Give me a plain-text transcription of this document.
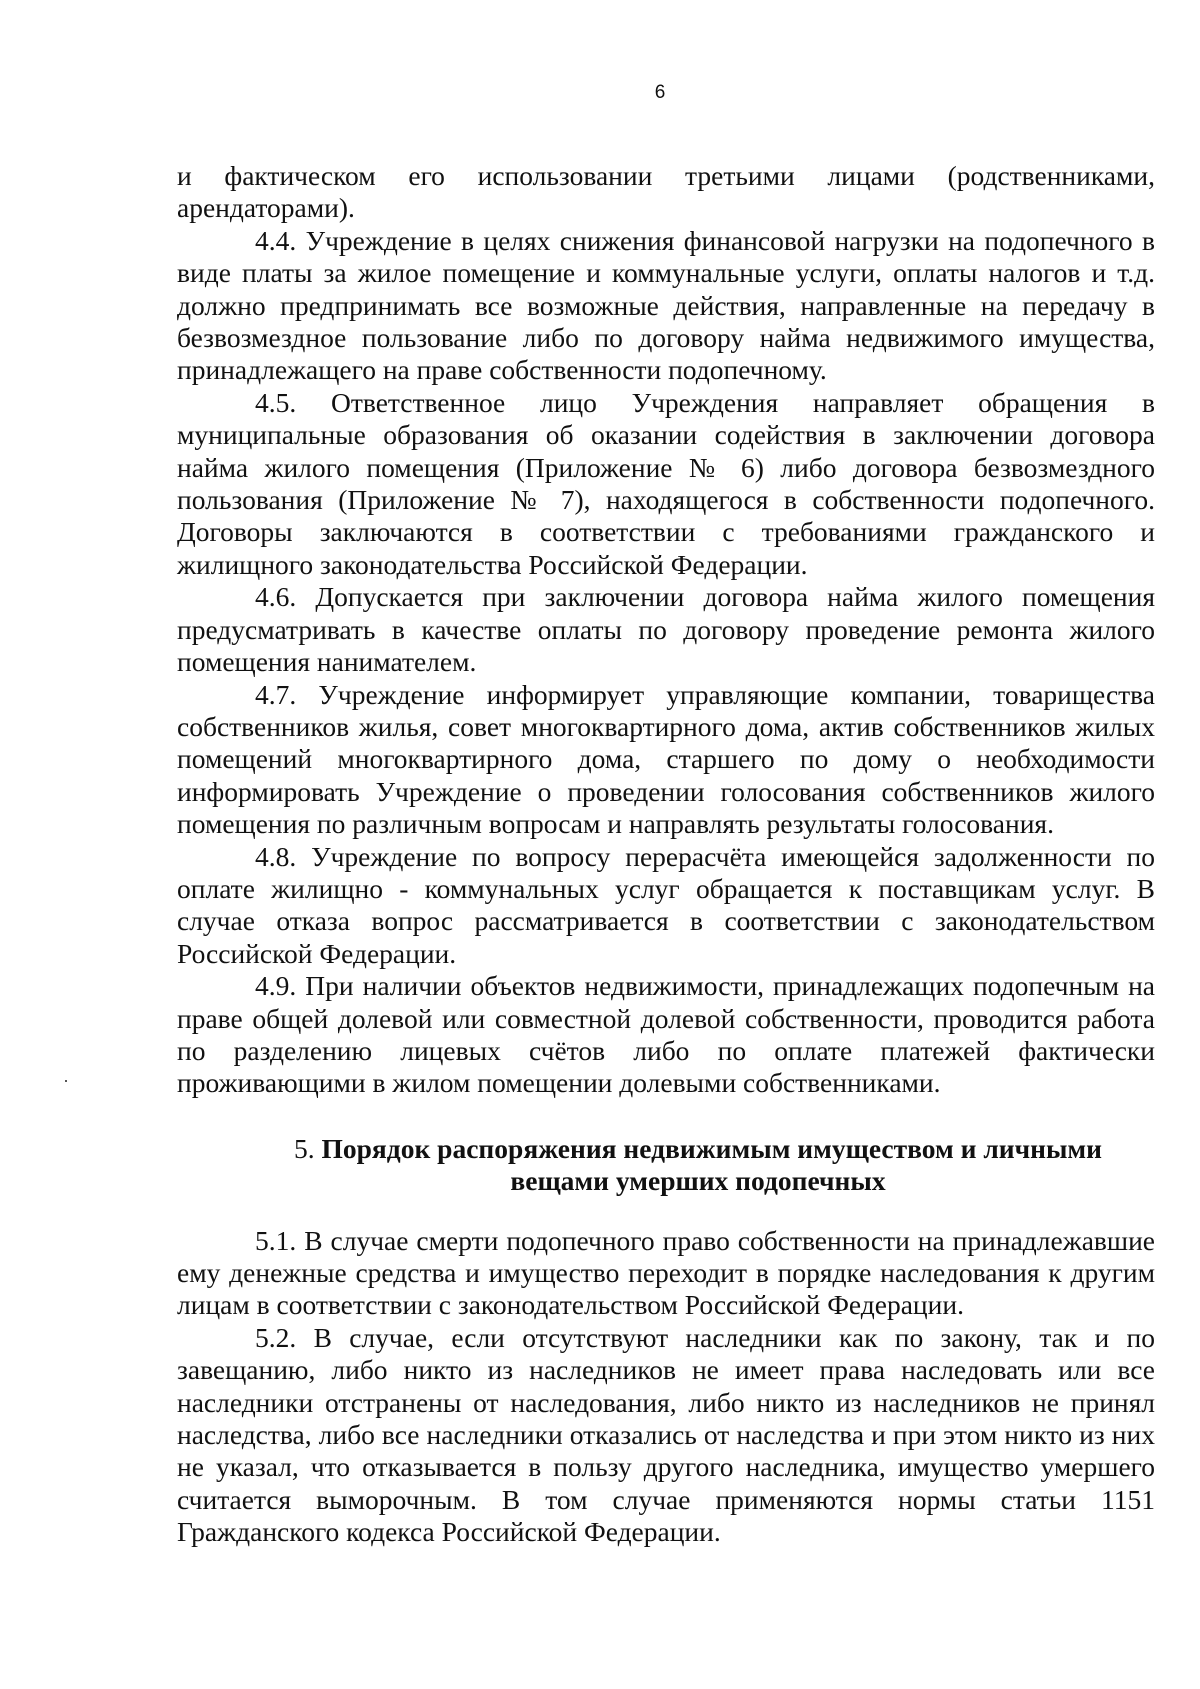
6

и фактическом его использовании третьими лицами (родственниками, арендаторами).

4.4. Учреждение в целях снижения финансовой нагрузки на подопечного в виде платы за жилое помещение и коммунальные услуги, оплаты налогов и т.д. должно предпринимать все возможные действия, направленные на передачу в безвозмездное пользование либо по договору найма недвижимого имущества, принадлежащего на праве собственности подопечному.

4.5. Ответственное лицо Учреждения направляет обращения в муниципальные образования об оказании содействия в заключении договора найма жилого помещения (Приложение № 6) либо договора безвозмездного пользования (Приложение № 7), находящегося в собственности подопечного. Договоры заключаются в соответствии с требованиями гражданского и жилищного законодательства Российской Федерации.

4.6. Допускается при заключении договора найма жилого помещения предусматривать в качестве оплаты по договору проведение ремонта жилого помещения нанимателем.

4.7. Учреждение информирует управляющие компании, товарищества собственников жилья, совет многоквартирного дома, актив собственников жилых помещений многоквартирного дома, старшего по дому о необходимости информировать Учреждение о проведении голосования собственников жилого помещения по различным вопросам и направлять результаты голосования.

4.8. Учреждение по вопросу перерасчёта имеющейся задолженности по оплате жилищно - коммунальных услуг обращается к поставщикам услуг. В случае отказа вопрос рассматривается в соответствии с законодательством Российской Федерации.

4.9. При наличии объектов недвижимости, принадлежащих подопечным на праве общей долевой или совместной долевой собственности, проводится работа по разделению лицевых счётов либо по оплате платежей фактически проживающими в жилом помещении долевыми собственниками.

5. Порядок распоряжения недвижимым имуществом и личными
вещами умерших подопечных

5.1. В случае смерти подопечного право собственности на принадлежавшие ему денежные средства и имущество переходит в порядке наследования к другим лицам в соответствии с законодательством Российской Федерации.

5.2. В случае, если отсутствуют наследники как по закону, так и по завещанию, либо никто из наследников не имеет права наследовать или все наследники отстранены от наследования, либо никто из наследников не принял наследства, либо все наследники отказались от наследства и при этом никто из них не указал, что отказывается в пользу другого наследника, имущество умершего считается выморочным. В том случае применяются нормы статьи 1151 Гражданского кодекса Российской Федерации.
